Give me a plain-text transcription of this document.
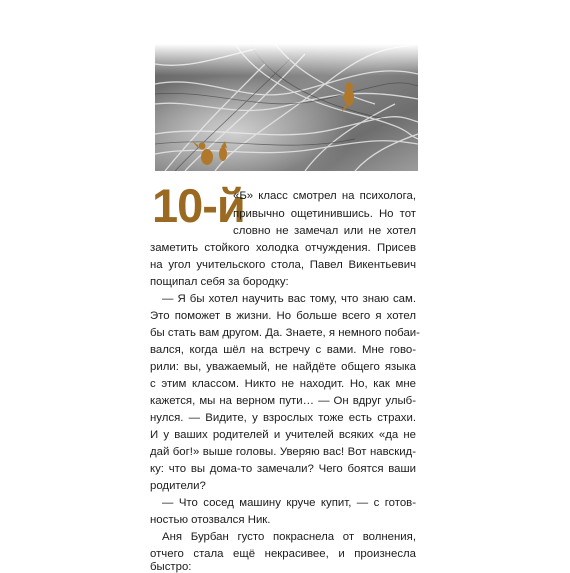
10-й
«Б» класс смотрел на психолога,
привычно ощетинившись. Но тот
словно не замечал или не хотел
заметить стойкого холодка отчуждения. Присев
на угол учительского стола, Павел Викентьевич
пощипал себя за бородку:
— Я бы хотел научить вас тому, что знаю сам.
Это поможет в жизни. Но больше всего я хотел
бы стать вам другом. Да. Знаете, я немного побаи-
вался, когда шёл на встречу с вами. Мне гово-
рили: вы, уважаемый, не найдёте общего языка
с этим классом. Никто не находит. Но, как мне
кажется, мы на верном пути… — Он вдруг улыб-
нулся. — Видите, у взрослых тоже есть страхи.
И у ваших родителей и учителей всяких «да не
дай бог!» выше головы. Уверяю вас! Вот навскид-
ку: что вы дома-то замечали? Чего боятся ваши
родители?
— Что сосед машину круче купит, — с готов-
ностью отозвался Ник.
Аня Бурбан густо покраснела от волнения,
отчего стала ещё некрасивее, и произнесла
быстро:
